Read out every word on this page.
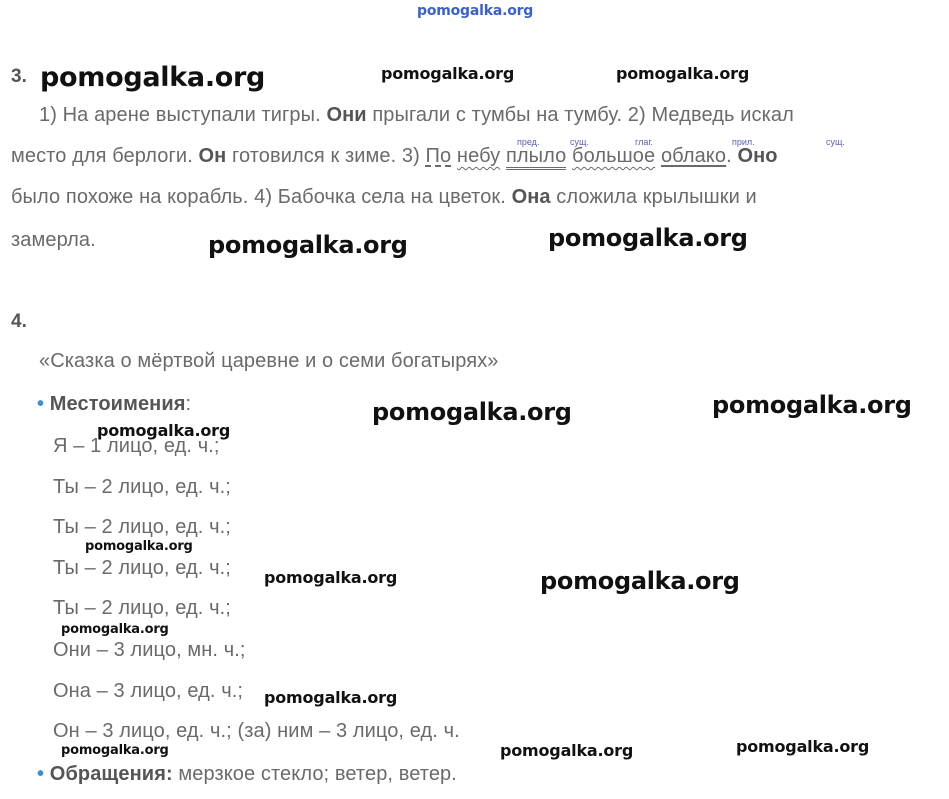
pomogalka.org
3. pomogalka.org	pomogalka.org	pomogalka.org
1) На арене выступали тигры. Они прыгали с тумбы на тумбу. 2) Медведь искал
пред.	сущ.	глаг.	прил.	сущ.
место для берлоги. Он готовился к зиме. 3) По небу плыло большое облако. Оно
было похоже на корабль. 4) Бабочка села на цветок. Она сложила крылышки и
замерла.	pomogalka.org	pomogalka.org
4.
«Сказка о мёртвой царевне и о семи богатырях»
• Местоимения:	pomogalka.org	pomogalka.org
Я – 1 лицо, ед. ч.;
pomogalka.org
Ты – 2 лицо, ед. ч.;
Ты – 2 лицо, ед. ч.;
pomogalka.org
Ты – 2 лицо, ед. ч.; pomogalka.org	pomogalka.org
Ты – 2 лицо, ед. ч.;
pomogalka.org
Они – 3 лицо, мн. ч.;
Она – 3 лицо, ед. ч.; pomogalka.org
Он – 3 лицо, ед. ч.; (за) ним – 3 лицо, ед. ч.
pomogalka.org	pomogalka.org	pomogalka.org
• Обращения: мерзкое стекло; ветер, ветер.
